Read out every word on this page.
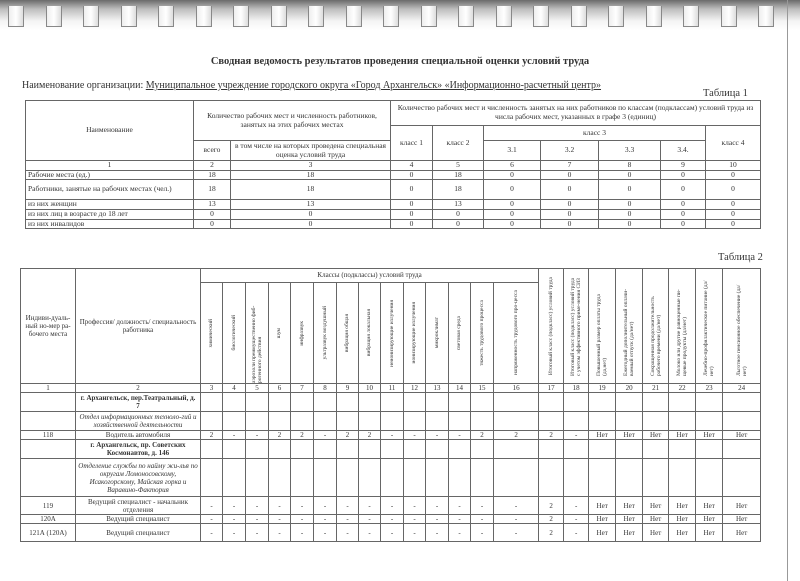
Сводная ведомость результатов проведения специальной оценки условий труда
Наименование организации: Муниципальное учреждение городского округа «Город Архангельск» «Информационно-расчетный центр»
Таблица 1
Наименование	Количество рабочих мест и численность работников, занятых на этих рабочих местах		Количество рабочих мест и численность занятых на них работников по классам (подклассам) условий труда из числа рабочих мест, указанных в графе 3 (единиц)						
			класс 1	класс 2	класс 3				класс 4
	всего	в том числе на которых проведена специальная оценка условий труда			3.1	3.2	3.3	3.4.	
1	2	3	4	5	6	7	8	9	10
Рабочие места (ед.)	18	18	0	18	0	0	0	0	0
Работники, занятые на рабочих местах (чел.)	18	18	0	18	0	0	0	0	0
из них женщин	13	13	0	13	0	0	0	0	0
из них лиц в возрасте до 18 лет	0	0	0	0	0	0	0	0	0
из них инвалидов	0	0	0	0	0	0	0	0	0
Таблица 2
Индиви-дуаль-ный но-мер ра-бочего места	Профессия/ должность/ специальность работника	Классы (подклассы) условий труда														Итоговый класс (подкласс) условий труда	Итоговый класс (подкласс) условий труда с учетом эффективного приме-нения СИЗ	Повышенный размер оплаты труда (да,нет)	Ежегодный дополнительный оплачи-ваемый отпуск (да/нет)	Сокращенная продолжительность рабочего времени (да/нет)	Молоко или другие равноценные пи-щевые продукты (да/нет)	Лечебно-профилактическое питание (да/нет)	Льготное пенсионное обеспечение (да/нет)

		химический	биологический	аэрозоли преимущественно фиб-рогенного действия	шум	инфразвук	ультразвук воздушный	вибрация общая	вибрация локальная	неионизирующие излучения	ионизирующие излучения	микроклимат	световая среда	тяжесть трудового процесса	напряженность трудового про-цесса								

1	2	3	4	5	6	7	8	9	10	11	12	13	14	15	16	17	18	19	20	21	22	23	24
	г. Архангельск, пер.Театральный, д. 7																						
	Отдел информационных техноло-гий и хозяйственной деятельности																						
118	Водитель автомобиля	2	-	-	2	2	-	2	2	-	-	-	-	2	2	2	-	Нет	Нет	Нет	Нет	Нет	Нет
	г. Архангельск, пр. Советских Космонавтов, д. 146																						
	Отделение службы по найму жи-лья по округам Ломоносовскому, Исакогорскому, Майская горка и Варавино-Фактория																						
119	Ведущий специалист - начальник отделения	-	-	-	-	-	-	-	-	-	-	-	-	-	-	2	-	Нет	Нет	Нет	Нет	Нет	Нет
120А	Ведущий специалист	-	-	-	-	-	-	-	-	-	-	-	-	-	-	2	-	Нет	Нет	Нет	Нет	Нет	Нет
121А (120А)	Ведущий специалист	-	-	-	-	-	-	-	-	-	-	-	-	-	-	2	-	Нет	Нет	Нет	Нет	Нет	Нет
